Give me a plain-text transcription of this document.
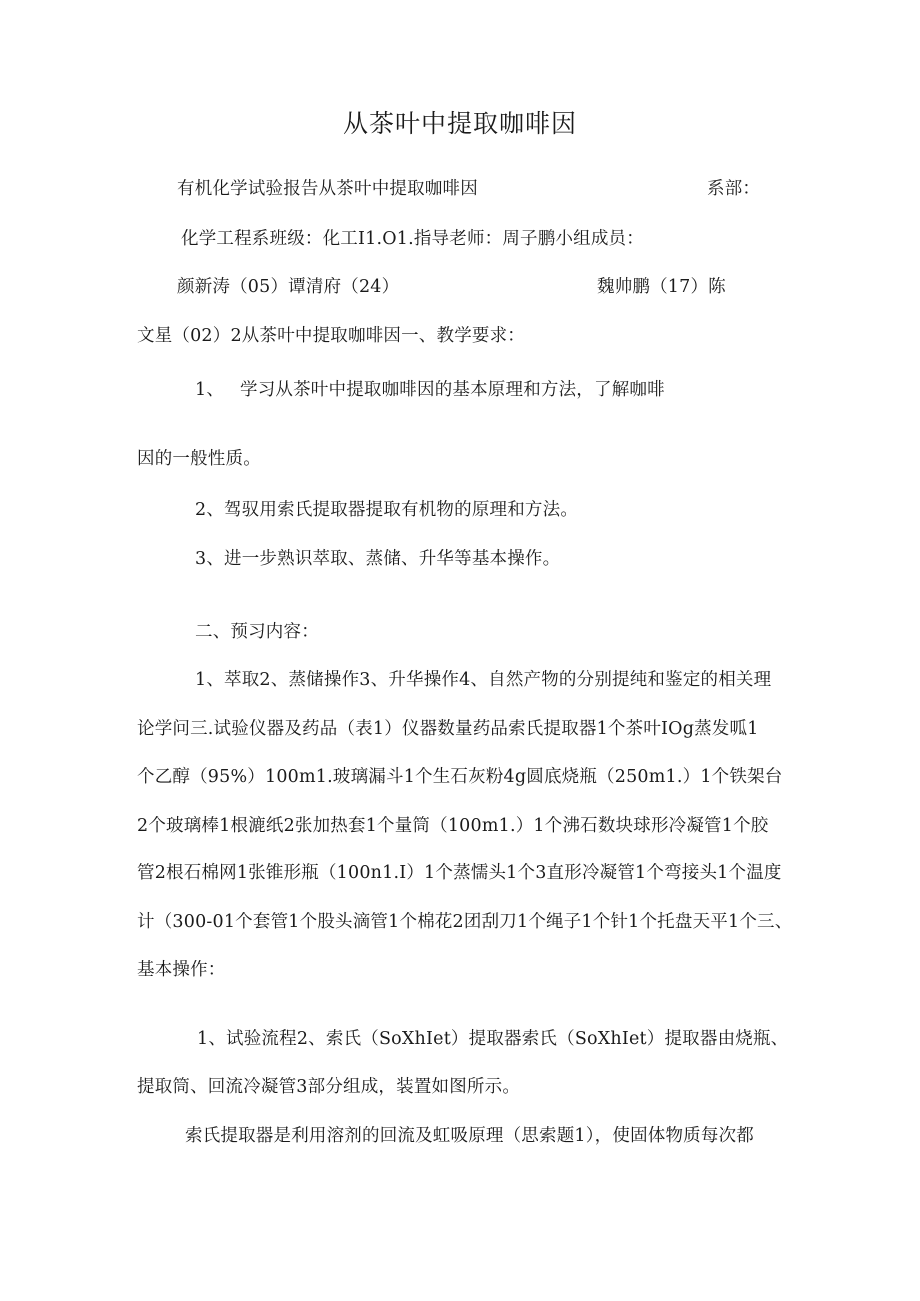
从茶叶中提取咖啡因
有机化学试验报告从茶叶中提取咖啡因	系部：
化学工程系班级：化工I1.O1.指导老师：周子鹏小组成员：
颜新涛（05）谭清府（24）	魏帅鹏（17）陈
文星（02）2从茶叶中提取咖啡因一、教学要求：
1、 学习从茶叶中提取咖啡因的基本原理和方法，了解咖啡
因的一般性质。
2、驾驭用索氏提取器提取有机物的原理和方法。
3、进一步熟识萃取、蒸储、升华等基本操作。
二、预习内容：
1、萃取2、蒸储操作3、升华操作4、自然产物的分别提纯和鉴定的相关理
论学问三.试验仪器及药品（表1）仪器数量药品索氏提取器1个茶叶IOg蒸发呱1
个乙醇（95%）100m1.玻璃漏斗1个生石灰粉4g圆底烧瓶（250m1.）1个铁架台
2个玻璃棒1根漉纸2张加热套1个量筒（100m1.）1个沸石数块球形冷凝管1个胶
管2根石棉网1张锥形瓶（100n1.I）1个蒸懦头1个3直形冷凝管1个弯接头1个温度
计（300-01个套管1个股头滴管1个棉花2团刮刀1个绳子1个针1个托盘天平1个三、
基本操作：
1、试验流程2、索氏（SoXhIet）提取器索氏（SoXhIet）提取器由烧瓶、
提取筒、回流冷凝管3部分组成，装置如图所示。
索氏提取器是利用溶剂的回流及虹吸原理（思索题1），使固体物质每次都
